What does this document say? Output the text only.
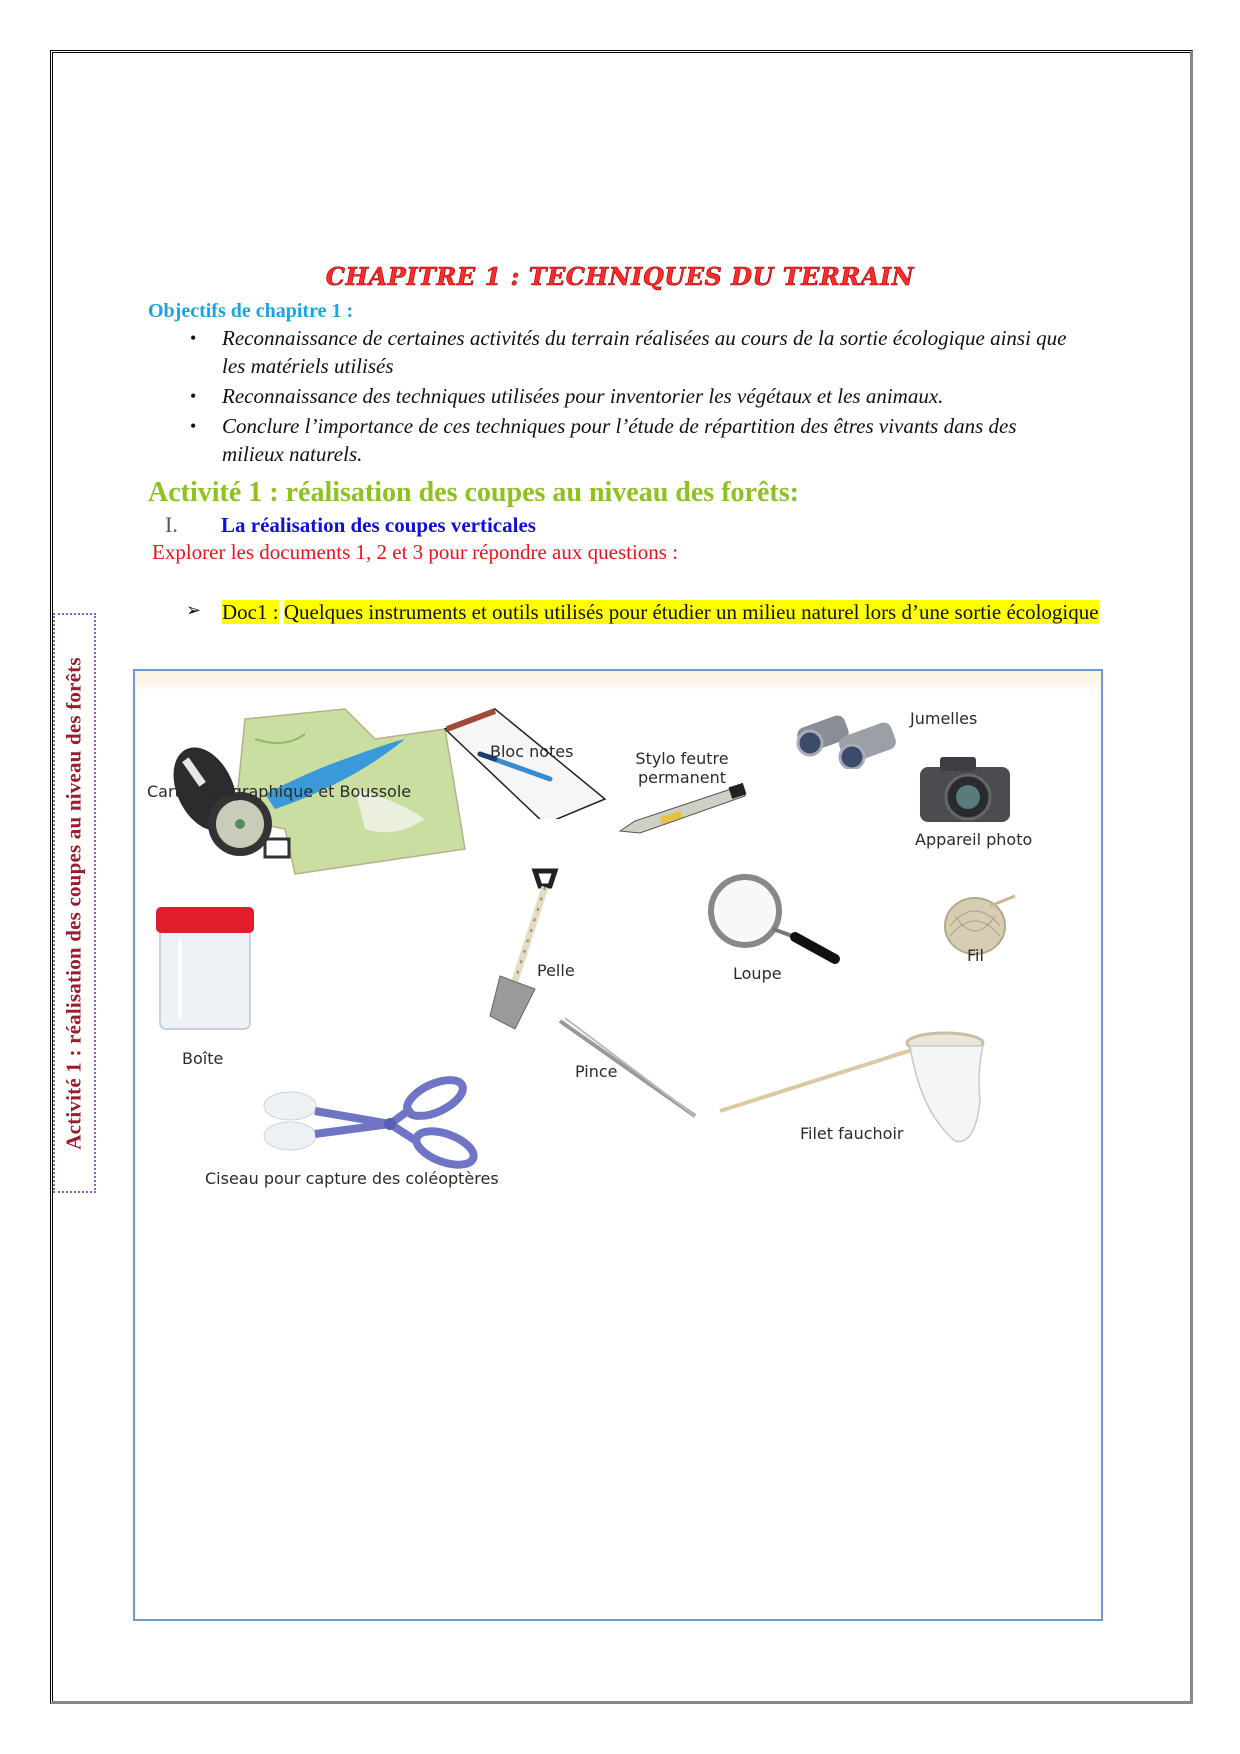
Activité 1 : réalisation des coupes au niveau des forêts
CHAPITRE 1 : TECHNIQUES DU TERRAIN
Objectifs de chapitre 1 :
• Reconnaissance de certaines activités du terrain réalisées au cours de la sortie écologique ainsi que les matériels utilisés
• Reconnaissance des techniques utilisées pour inventorier les végétaux et les animaux.
• Conclure l’importance de ces techniques pour l’étude de répartition des êtres vivants dans des milieux naturels.
Activité 1 : réalisation des coupes au niveau des forêts:
I.	La réalisation des coupes verticales
Explorer les documents 1, 2 et 3 pour répondre aux questions :
➢ Doc1 : Quelques instruments et outils utilisés pour étudier un milieu naturel lors d’une sortie écologique
Carte topographique et Boussole
Bloc notes	Stylo feutre
permanent
Jumelles
Appareil photo
Fil
Pelle	Loupe
Boîte
Ciseau pour capture des coléoptères
Pince
Filet fauchoir
